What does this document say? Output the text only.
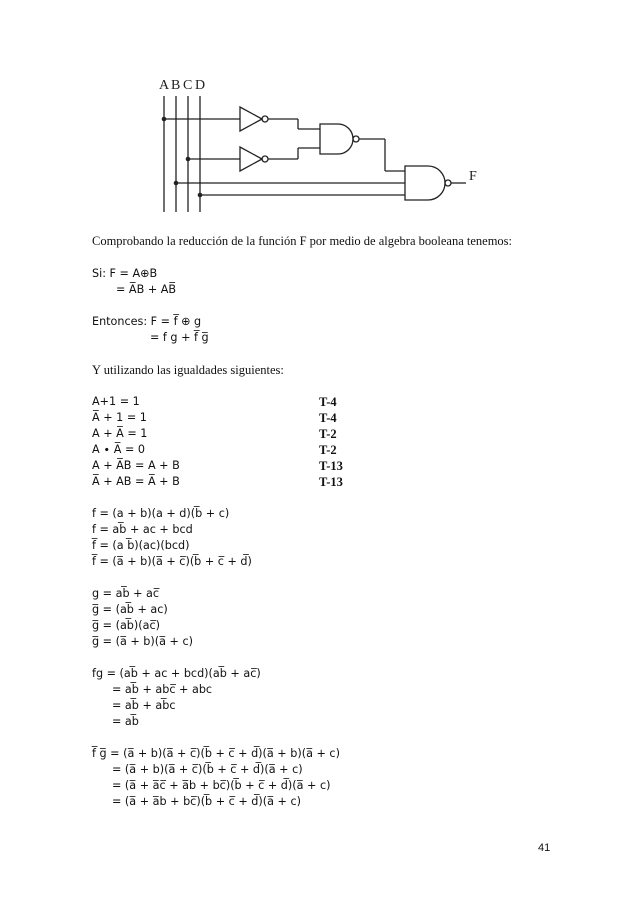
A B C D
F
Comprobando la reducción de la función F por medio de algebra booleana tenemos:
Si: F = A⊕B
= A̅B + AB̅
Entonces: F = f̅ ⊕ g
= f g + f̅ g̅
Y utilizando las igualdades siguientes:
A+1 = 1	T-4
A̅ + 1 = 1	T-4
A + A̅ = 1	T-2
A ∙ A̅ = 0	T-2
A + A̅B = A + B	T-13
A̅ + AB = A̅ + B	T-13
f = (a + b)(a + d)(b̅ + c)
f = ab̅ + ac + bcd
f̅ = (a b̅)(ac)(bcd)
f̅ = (a̅ + b)(a̅ + c̅)(b̅ + c̅ + d̅)
g = ab̅ + ac̅
g̅ = (ab̅ + ac)
g̅ = (ab̅)(ac̅)
g̅ = (a̅ + b)(a̅ + c)
fg = (ab̅ + ac + bcd)(ab̅ + ac̅)
= ab̅ + abc̅ + abc
= ab̅ + ab̅c
= ab̅
f̅ g̅ = (a̅ + b)(a̅ + c̅)(b̅ + c̅ + d̅)(a̅ + b)(a̅ + c)
= (a̅ + b)(a̅ + c̅)(b̅ + c̅ + d̅)(a̅ + c)
= (a̅ + a̅c̅ + a̅b + bc̅)(b̅ + c̅ + d̅)(a̅ + c)
= (a̅ + a̅b + bc̅)(b̅ + c̅ + d̅)(a̅ + c)
41
